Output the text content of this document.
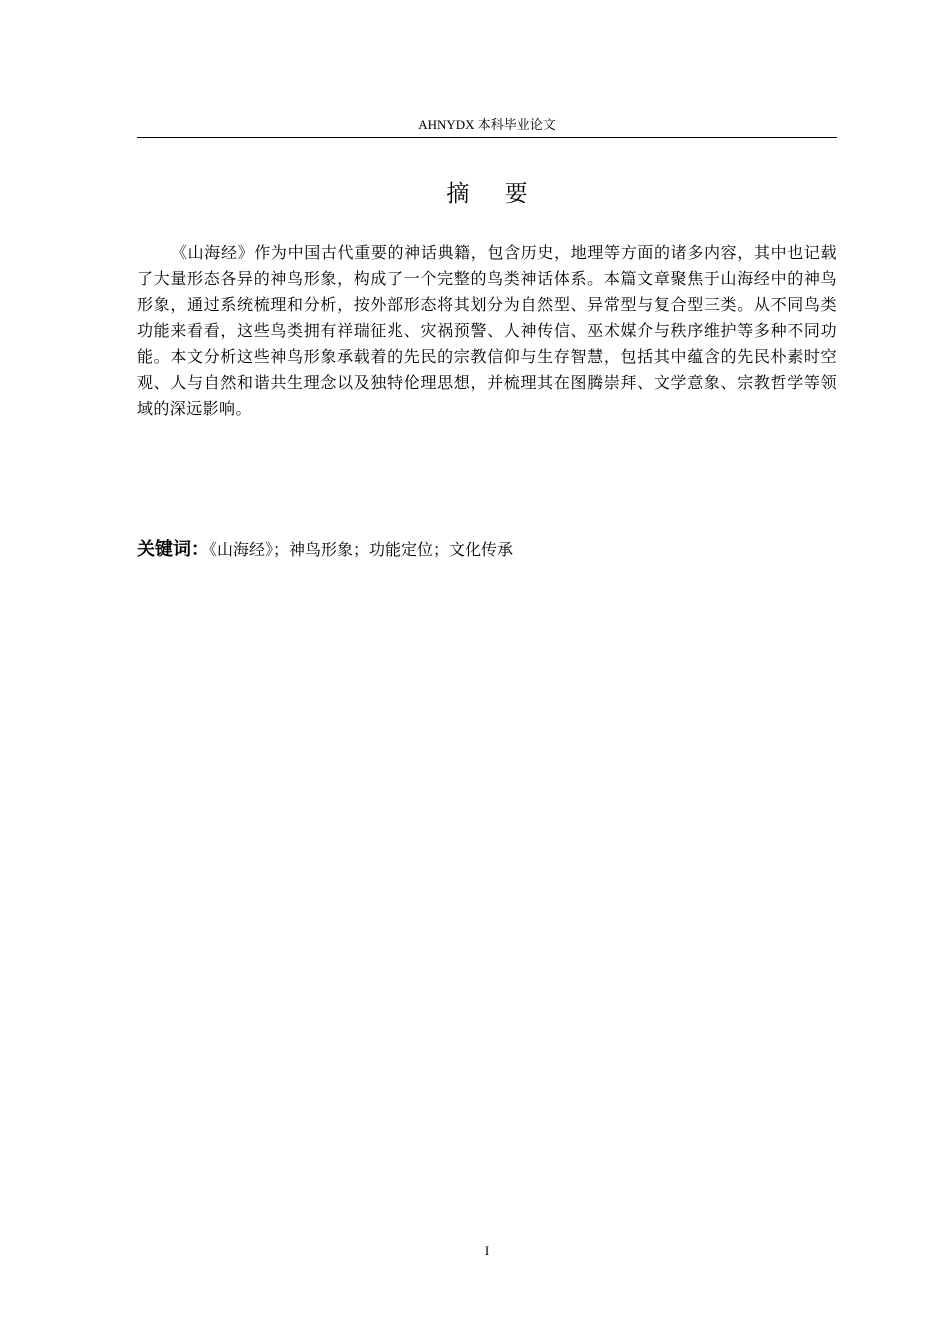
AHNYDX 本科毕业论文
摘 要

《山海经》作为中国古代重要的神话典籍，包含历史，地理等方面的诸多内容，其中也记载了大量形态各异的神鸟形象，构成了一个完整的鸟类神话体系。本篇文章聚焦于山海经中的神鸟形象，通过系统梳理和分析，按外部形态将其划分为自然型、异常型与复合型三类。从不同鸟类功能来看看，这些鸟类拥有祥瑞征兆、灾祸预警、人神传信、巫术媒介与秩序维护等多种不同功能。本文分析这些神鸟形象承载着的先民的宗教信仰与生存智慧，包括其中蕴含的先民朴素时空观、人与自然和谐共生理念以及独特伦理思想，并梳理其在图腾崇拜、文学意象、宗教哲学等领域的深远影响。

关键词：《山海经》；神鸟形象；功能定位；文化传承
I
